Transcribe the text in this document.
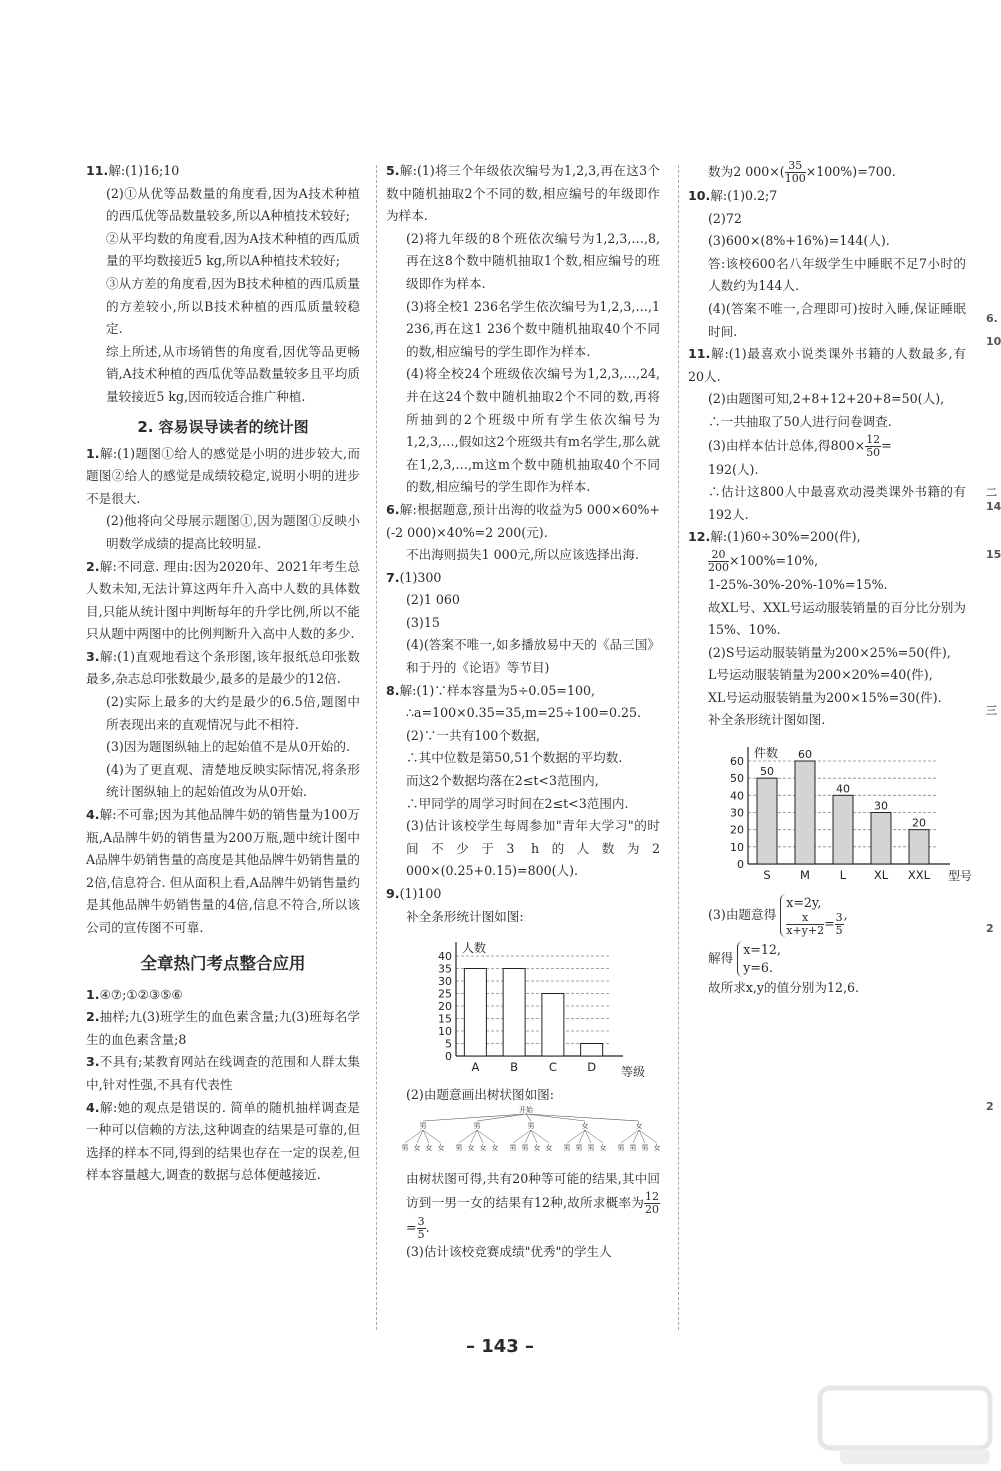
11.解:(1)16;10

(2)①从优等品数量的角度看,因为A技术种植的西瓜优等品数量较多,所以A种植技术较好;

②从平均数的角度看,因为A技术种植的西瓜质量的平均数接近5 kg,所以A种植技术较好;

③从方差的角度看,因为B技术种植的西瓜质量的方差较小,所以B技术种植的西瓜质量较稳定.

综上所述,从市场销售的角度看,因优等品更畅销,A技术种植的西瓜优等品数量较多且平均质量较接近5 kg,因而较适合推广种植.

2. 容易误导读者的统计图

1.解:(1)题图①给人的感觉是小明的进步较大,而题图②给人的感觉是成绩较稳定,说明小明的进步不是很大.

(2)他将向父母展示题图①,因为题图①反映小明数学成绩的提高比较明显.

2.解:不同意. 理由:因为2020年、2021年考生总人数未知,无法计算这两年升入高中人数的具体数目,只能从统计图中判断每年的升学比例,所以不能只从题中两图中的比例判断升入高中人数的多少.

3.解:(1)直观地看这个条形图,该年报纸总印张数最多,杂志总印张数最少,最多的是最少的12倍.

(2)实际上最多的大约是最少的6.5倍,题图中所表现出来的直观情况与此不相符.

(3)因为题图纵轴上的起始值不是从0开始的.

(4)为了更直观、清楚地反映实际情况,将条形统计图纵轴上的起始值改为从0开始.

4.解:不可靠;因为其他品牌牛奶的销售量为100万瓶,A品牌牛奶的销售量为200万瓶,题中统计图中A品牌牛奶销售量的高度是其他品牌牛奶销售量的2倍,信息符合. 但从面积上看,A品牌牛奶销售量约是其他品牌牛奶销售量的4倍,信息不符合,所以该公司的宣传图不可靠.

全章热门考点整合应用

1.④⑦;①②③⑤⑥

2.抽样;九(3)班学生的血色素含量;九(3)班每名学生的血色素含量;8

3.不具有;某教育网站在线调查的范围和人群太集中,针对性强,不具有代表性

4.解:她的观点是错误的. 简单的随机抽样调查是一种可以信赖的方法,这种调查的结果是可靠的,但选择的样本不同,得到的结果也存在一定的误差,但样本容量越大,调查的数据与总体便越接近.

5.解:(1)将三个年级依次编号为1,2,3,再在这3个数中随机抽取2个不同的数,相应编号的年级即作为样本.

(2)将九年级的8个班依次编号为1,2,3,…,8,再在这8个数中随机抽取1个数,相应编号的班级即作为样本.

(3)将全校1 236名学生依次编号为1,2,3,…,1 236,再在这1 236个数中随机抽取40个不同的数,相应编号的学生即作为样本.

(4)将全校24个班级依次编号为1,2,3,…,24,并在这24个数中随机抽取2个不同的数,再将所抽到的2个班级中所有学生依次编号为1,2,3,…,假如这2个班级共有m名学生,那么就在1,2,3,…,m这m个数中随机抽取40个不同的数,相应编号的学生即作为样本.

6.解:根据题意,预计出海的收益为5 000×60%+(-2 000)×40%=2 200(元).

不出海则损失1 000元,所以应该选择出海.

7.(1)300

(2)1 060

(3)15

(4)(答案不唯一,如多播放易中天的《品三国》和于丹的《论语》等节目)

8.解:(1)∵样本容量为5÷0.05=100,

∴a=100×0.35=35,m=25÷100=0.25.

(2)∵一共有100个数据,

∴其中位数是第50,51个数据的平均数.

而这2个数据均落在2≤t<3范围内,

∴甲同学的周学习时间在2≤t<3范围内.

(3)估计该校学生每周参加"青年大学习"的时间不少于3 h的人数为2 000×(0.25+0.15)=800(人).

9.(1)100

补全条形统计图如图:

0
5
10
15
20
25
30
35
40
人数
等级
A	B	C	D

(2)由题意画出树状图如图:

开始
男
男 女 女 女
男
男 女 女 女
男
男 男 女 女
女
男 男 男 女
女
男 男 男 女

由树状图可得,共有20种等可能的结果,其中回访到一男一女的结果有12种,故所求概率为 $\frac{12}{20}$
= $\frac{3}{5}$ .

(3)估计该校竞赛成绩"优秀"的学生人

数为2 $000\times( \frac{35}{100} \times 100\%)=700$.

10.解:(1)0.2;7

(2)72

(3)600×(8%+16%)=144(人).

答:该校600名八年级学生中睡眠不足7小时的人数约为144人.

(4)(答案不唯一,合理即可)按时入睡,保证睡眠时间.

11.解:(1)最喜欢小说类课外书籍的人数最多,有20人.

(2)由题图可知,2+8+12+20+8=50(人),

∴一共抽取了50人进行问卷调查.

(3)由样本估计总体,得$800\times \frac{12}{50}$ =

192(人).

∴估计这800人中最喜欢动漫类课外书籍的有192人.

12.解:(1)60÷30%=200(件),

$\frac{20}{200} \times 100\%=10\%$,

1-25%-30%-20%-10%=15%.

故XL号、XXL号运动服装销量的百分比分别为15%、10%.

(2)S号运动服装销量为200×25%=50(件),

L号运动服装销量为200×20%=40(件),

XL号运动服装销量为200×15%=30(件).

补全条形统计图如图.

0
10
20
30
40
50
60
件数
型号
S
50
M
60
L
40
XL
30
XXL
20

(3)由题意得
x=2y,
$\frac{x}{x+y+2} = \frac{3}{5}$ ,

解得
x=12,
y=6.

故所求x,y的值分别为12,6.

6.
10
二
14
15
三
2
2
– 143 –
